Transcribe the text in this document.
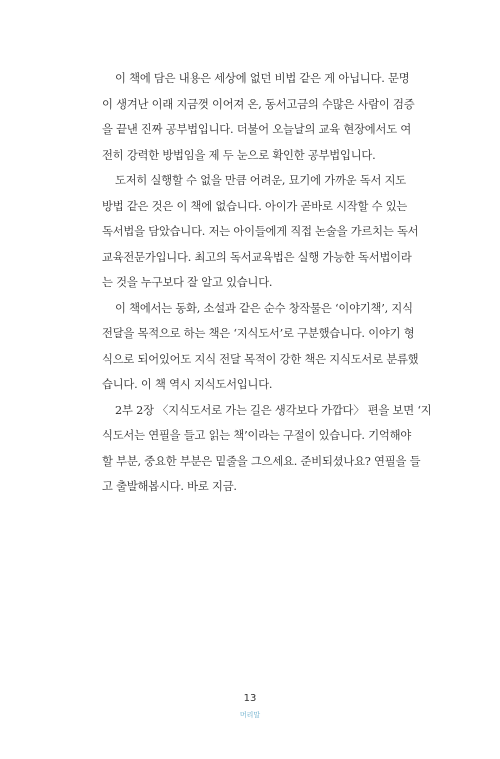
이 책에 담은 내용은 세상에 없던 비법 같은 게 아닙니다. 문명
이 생겨난 이래 지금껏 이어져 온, 동서고금의 수많은 사람이 검증
을 끝낸 진짜 공부법입니다. 더불어 오늘날의 교육 현장에서도 여
전히 강력한 방법임을 제 두 눈으로 확인한 공부법입니다.

도저히 실행할 수 없을 만큼 어려운, 묘기에 가까운 독서 지도
방법 같은 것은 이 책에 없습니다. 아이가 곧바로 시작할 수 있는
독서법을 담았습니다. 저는 아이들에게 직접 논술을 가르치는 독서
교육전문가입니다. 최고의 독서교육법은 실행 가능한 독서법이라
는 것을 누구보다 잘 알고 있습니다.

이 책에서는 동화, 소설과 같은 순수 창작물은 ‘이야기책’, 지식
전달을 목적으로 하는 책은 ‘지식도서’로 구분했습니다. 이야기 형
식으로 되어있어도 지식 전달 목적이 강한 책은 지식도서로 분류했
습니다. 이 책 역시 지식도서입니다.

2부 2장 〈지식도서로 가는 길은 생각보다 가깝다〉 편을 보면 ‘지
식도서는 연필을 들고 읽는 책’이라는 구절이 있습니다. 기억해야
할 부분, 중요한 부분은 밑줄을 그으세요. 준비되셨나요? 연필을 들
고 출발해봅시다. 바로 지금.

13
머리말
